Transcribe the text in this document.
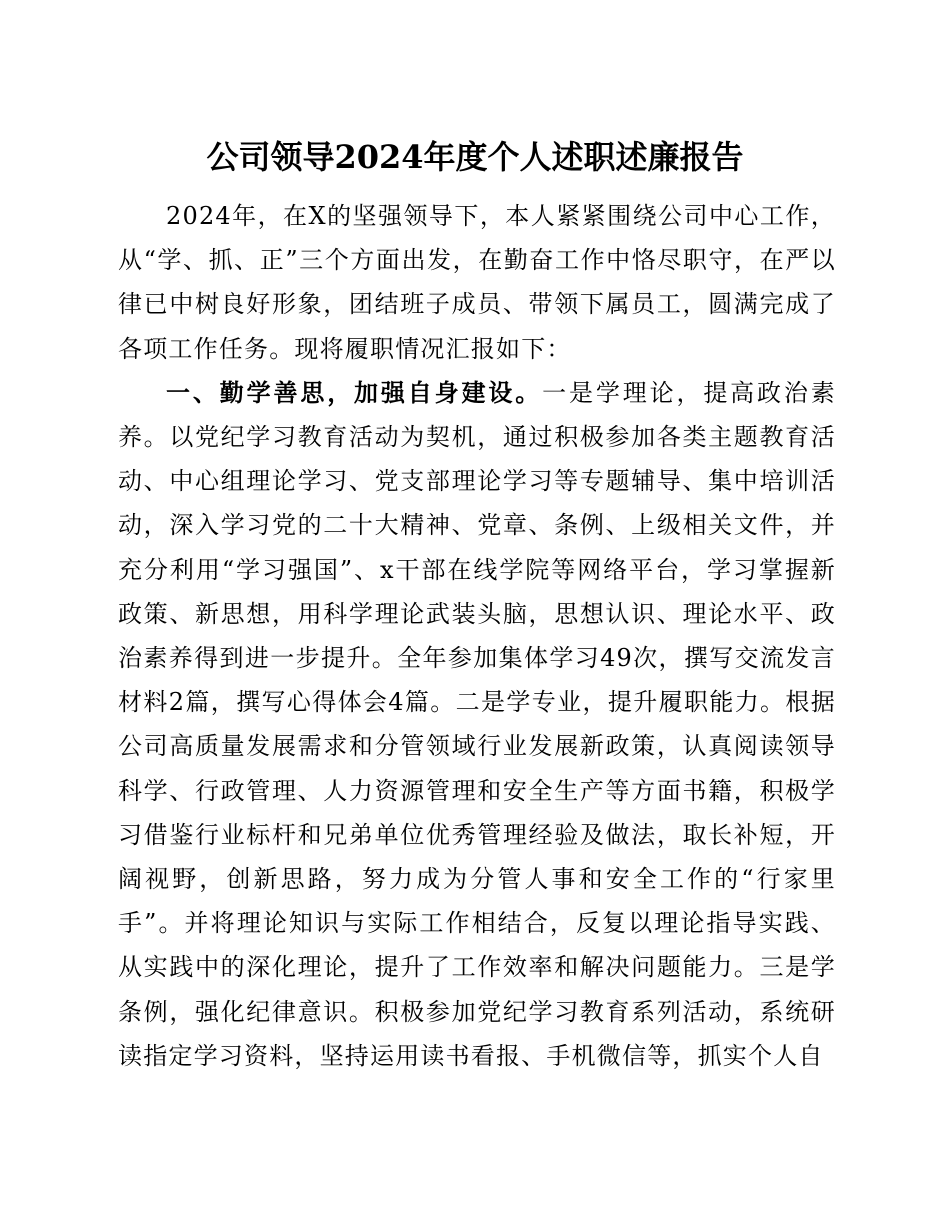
公司领导2024年度个人述职述廉报告

2024年，在X的坚强领导下，本人紧紧围绕公司中心工作，从“学、抓、正”三个方面出发，在勤奋工作中恪尽职守，在严以律已中树良好形象，团结班子成员、带领下属员工，圆满完成了各项工作任务。现将履职情况汇报如下：

一、勤学善思，加强自身建设。一是学理论，提高政治素养。以党纪学习教育活动为契机，通过积极参加各类主题教育活动、中心组理论学习、党支部理论学习等专题辅导、集中培训活动，深入学习党的二十大精神、党章、条例、上级相关文件，并充分利用“学习强国”、x干部在线学院等网络平台，学习掌握新政策、新思想，用科学理论武装头脑，思想认识、理论水平、政治素养得到进一步提升。全年参加集体学习49次，撰写交流发言材料2篇，撰写心得体会4篇。二是学专业，提升履职能力。根据公司高质量发展需求和分管领域行业发展新政策，认真阅读领导科学、行政管理、人力资源管理和安全生产等方面书籍，积极学习借鉴行业标杆和兄弟单位优秀管理经验及做法，取长补短，开阔视野，创新思路，努力成为分管人事和安全工作的“行家里手”。并将理论知识与实际工作相结合，反复以理论指导实践、从实践中的深化理论，提升了工作效率和解决问题能力。三是学条例，强化纪律意识。积极参加党纪学习教育系列活动，系统研读指定学习资料，坚持运用读书看报、手机微信等，抓实个人自
